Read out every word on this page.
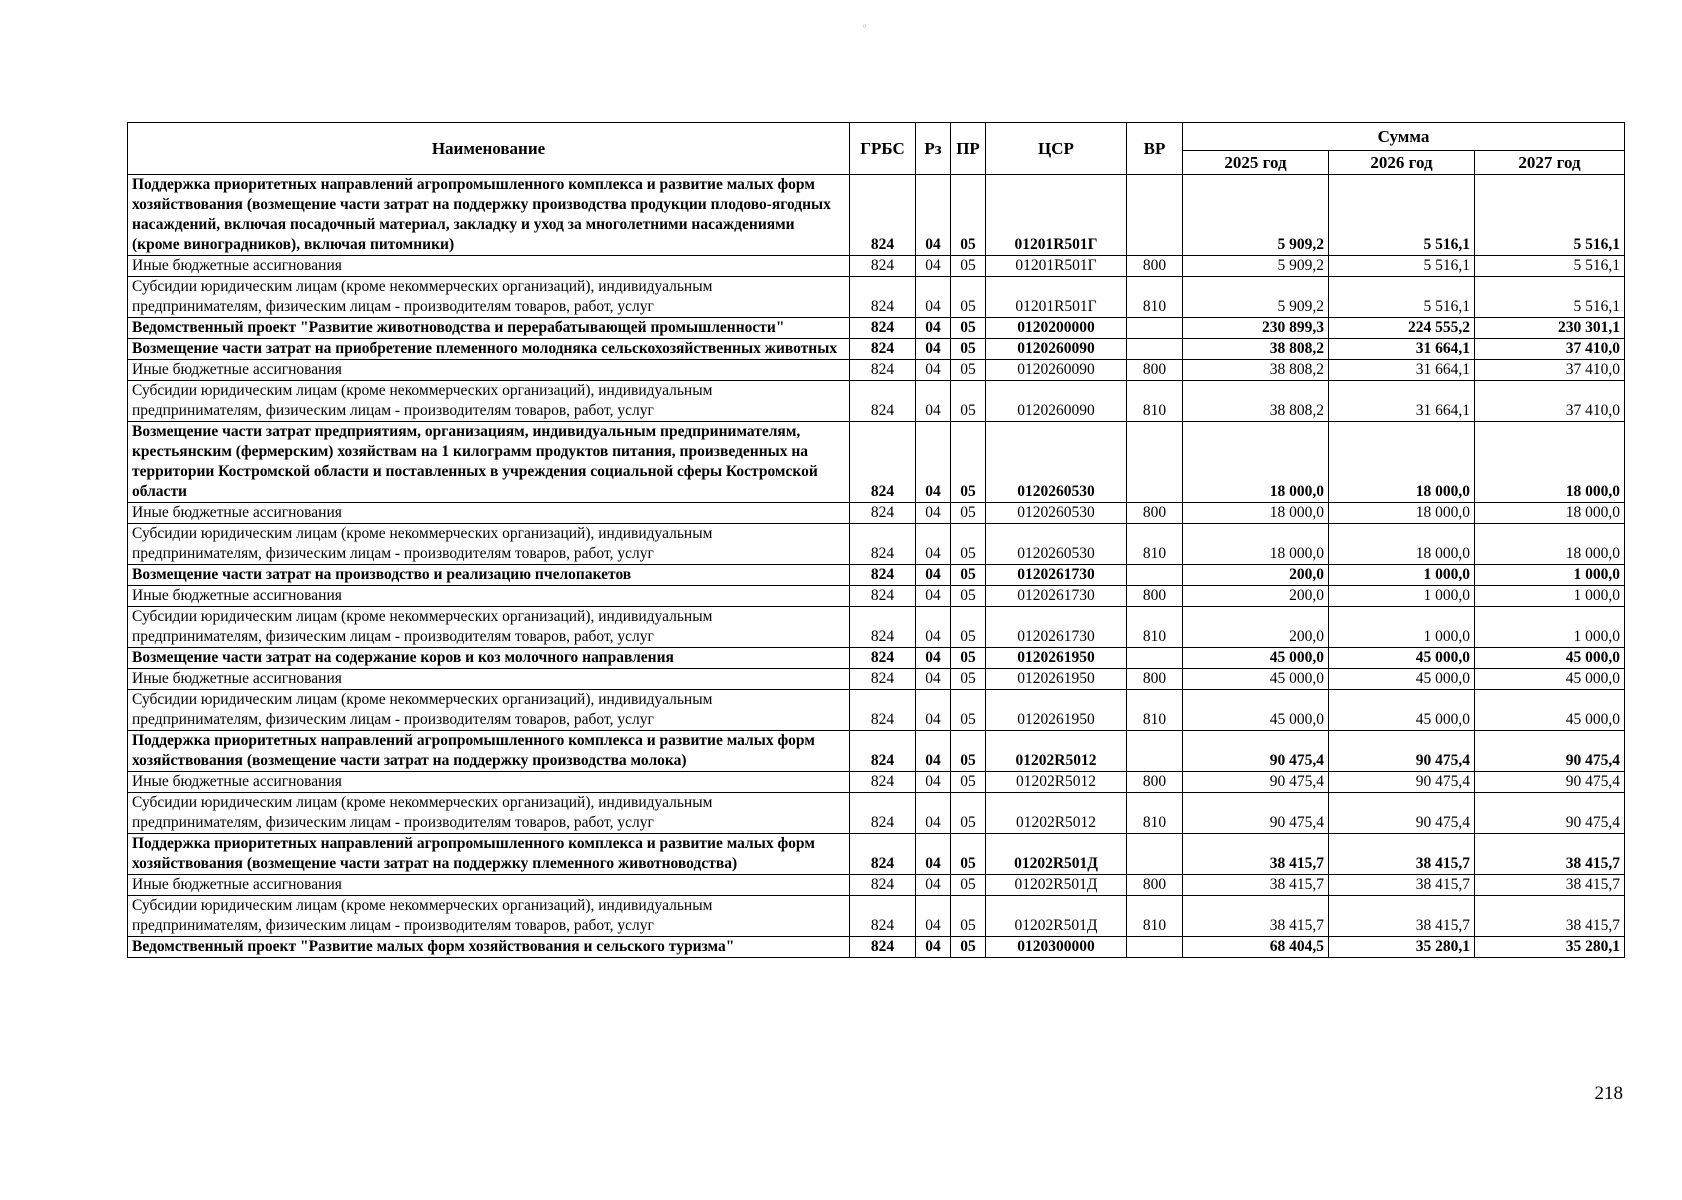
Наименование	ГРБС	Рз	ПР	ЦСР	ВР	Сумма		
						2025 год	2026 год	2027 год
Поддержка приоритетных направлений агропромышленного комплекса и развитие малых форм хозяйствования (возмещение части затрат на поддержку производства продукции плодово-ягодных насаждений, включая посадочный материал, закладку и уход за многолетними насаждениями (кроме виноградников), включая питомники)	824	04	05	01201R501Г		5 909,2	5 516,1	5 516,1
Иные бюджетные ассигнования	824	04	05	01201R501Г	800	5 909,2	5 516,1	5 516,1
Субсидии юридическим лицам (кроме некоммерческих организаций), индивидуальным предпринимателям, физическим лицам - производителям товаров, работ, услуг	824	04	05	01201R501Г	810	5 909,2	5 516,1	5 516,1
Ведомственный проект "Развитие животноводства и перерабатывающей промышленности"	824	04	05	0120200000		230 899,3	224 555,2	230 301,1
Возмещение части затрат на приобретение племенного молодняка сельскохозяйственных животных	824	04	05	0120260090		38 808,2	31 664,1	37 410,0
Иные бюджетные ассигнования	824	04	05	0120260090	800	38 808,2	31 664,1	37 410,0
Субсидии юридическим лицам (кроме некоммерческих организаций), индивидуальным предпринимателям, физическим лицам - производителям товаров, работ, услуг	824	04	05	0120260090	810	38 808,2	31 664,1	37 410,0
Возмещение части затрат предприятиям, организациям, индивидуальным предпринимателям, крестьянским (фермерским) хозяйствам на 1 килограмм продуктов питания, произведенных на территории Костромской области и поставленных в учреждения социальной сферы Костромской области	824	04	05	0120260530		18 000,0	18 000,0	18 000,0
Иные бюджетные ассигнования	824	04	05	0120260530	800	18 000,0	18 000,0	18 000,0
Субсидии юридическим лицам (кроме некоммерческих организаций), индивидуальным предпринимателям, физическим лицам - производителям товаров, работ, услуг	824	04	05	0120260530	810	18 000,0	18 000,0	18 000,0
Возмещение части затрат на производство и реализацию пчелопакетов	824	04	05	0120261730		200,0	1 000,0	1 000,0
Иные бюджетные ассигнования	824	04	05	0120261730	800	200,0	1 000,0	1 000,0
Субсидии юридическим лицам (кроме некоммерческих организаций), индивидуальным предпринимателям, физическим лицам - производителям товаров, работ, услуг	824	04	05	0120261730	810	200,0	1 000,0	1 000,0
Возмещение части затрат на содержание коров и коз молочного направления	824	04	05	0120261950		45 000,0	45 000,0	45 000,0
Иные бюджетные ассигнования	824	04	05	0120261950	800	45 000,0	45 000,0	45 000,0
Субсидии юридическим лицам (кроме некоммерческих организаций), индивидуальным предпринимателям, физическим лицам - производителям товаров, работ, услуг	824	04	05	0120261950	810	45 000,0	45 000,0	45 000,0
Поддержка приоритетных направлений агропромышленного комплекса и развитие малых форм хозяйствования (возмещение части затрат на поддержку производства молока)	824	04	05	01202R5012		90 475,4	90 475,4	90 475,4
Иные бюджетные ассигнования	824	04	05	01202R5012	800	90 475,4	90 475,4	90 475,4
Субсидии юридическим лицам (кроме некоммерческих организаций), индивидуальным предпринимателям, физическим лицам - производителям товаров, работ, услуг	824	04	05	01202R5012	810	90 475,4	90 475,4	90 475,4
Поддержка приоритетных направлений агропромышленного комплекса и развитие малых форм хозяйствования (возмещение части затрат на поддержку племенного животноводства)	824	04	05	01202R501Д		38 415,7	38 415,7	38 415,7
Иные бюджетные ассигнования	824	04	05	01202R501Д	800	38 415,7	38 415,7	38 415,7
Субсидии юридическим лицам (кроме некоммерческих организаций), индивидуальным предпринимателям, физическим лицам - производителям товаров, работ, услуг	824	04	05	01202R501Д	810	38 415,7	38 415,7	38 415,7
Ведомственный проект "Развитие малых форм хозяйствования и сельского туризма"	824	04	05	0120300000		68 404,5	35 280,1	35 280,1
218
°
